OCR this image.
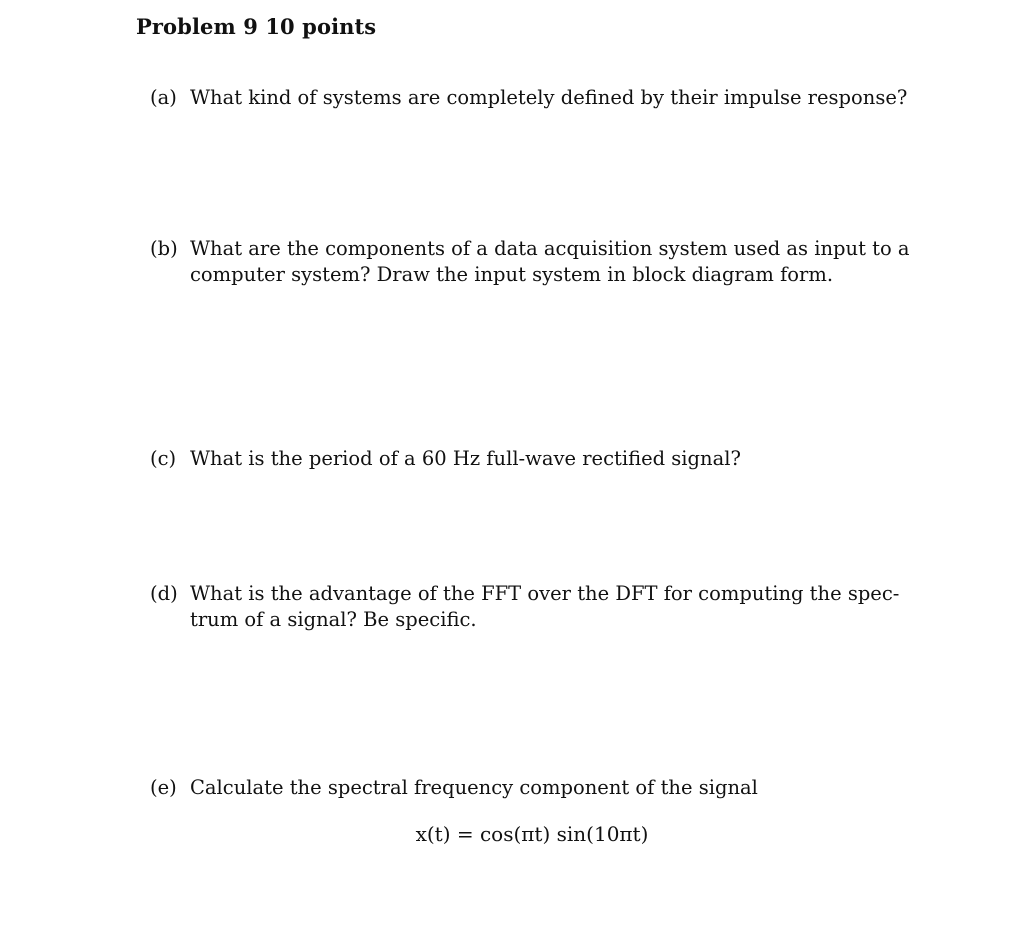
Problem 9 10 points
(a) What kind of systems are completely defined by their impulse response?
(b) What are the components of a data acquisition system used as input to a
computer system? Draw the input system in block diagram form.
(c) What is the period of a 60 Hz full-wave rectified signal?
(d) What is the advantage of the FFT over the DFT for computing the spec-
trum of a signal? Be specific.
(e) Calculate the spectral frequency component of the signal
x(t) = cos(πt) sin(10πt)
